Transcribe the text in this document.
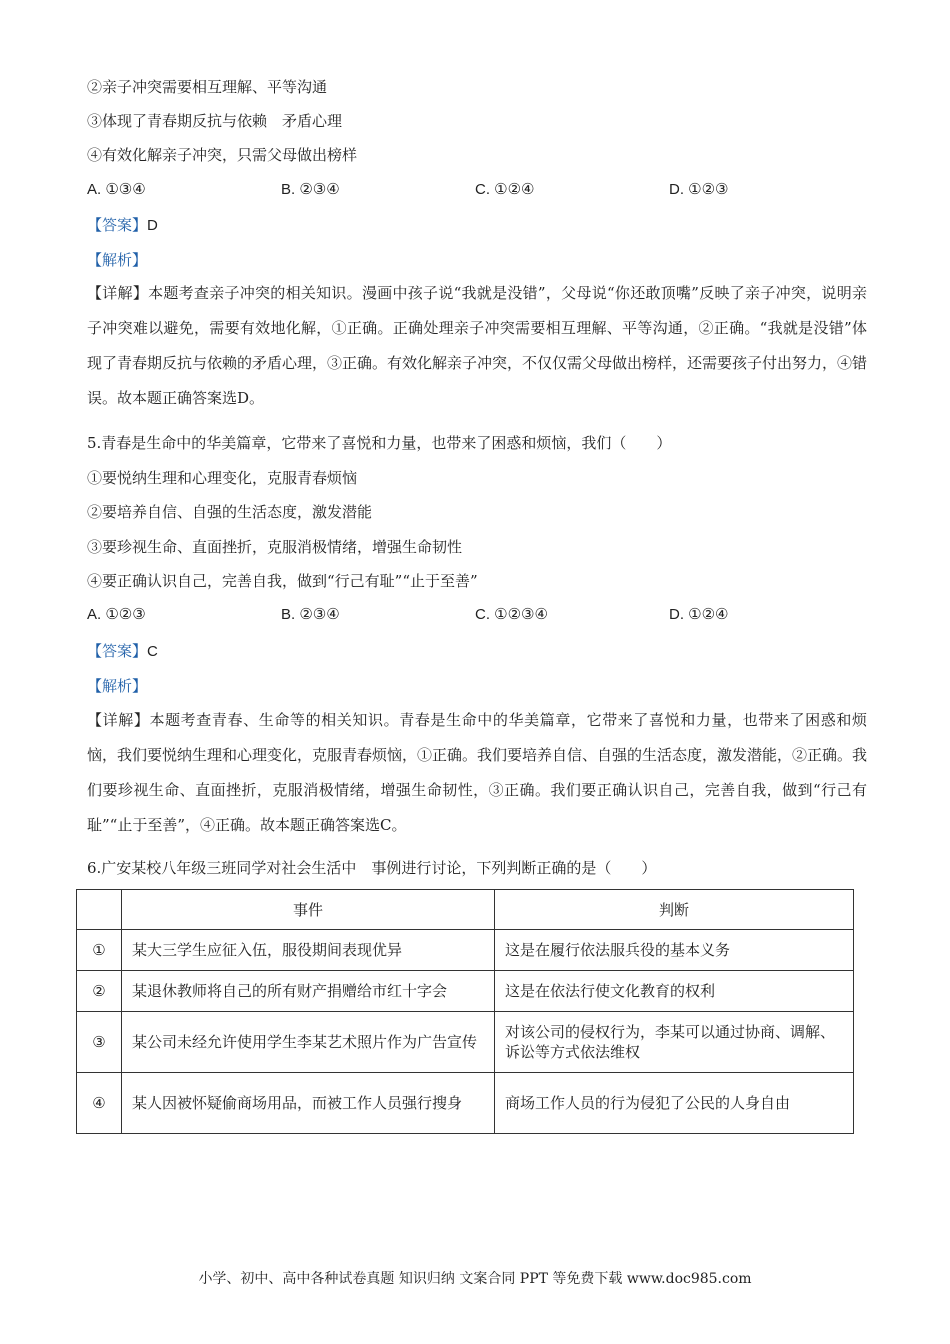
②亲子冲突需要相互理解、平等沟通
③体现了青春期反抗与依赖　矛盾心理
④有效化解亲子冲突，只需父母做出榜样
A. ①③④	B. ②③④	C. ①②④	D. ①②③
【答案】D
【解析】
【详解】本题考查亲子冲突的相关知识。漫画中孩子说“我就是没错”，父母说“你还敢顶嘴”反映了亲子冲突，说明亲子冲突难以避免，需要有效地化解，①正确。正确处理亲子冲突需要相互理解、平等沟通，②正确。“我就是没错”体现了青春期反抗与依赖的矛盾心理，③正确。有效化解亲子冲突，不仅仅需父母做出榜样，还需要孩子付出努力，④错误。故本题正确答案选D。
5.青春是生命中的华美篇章，它带来了喜悦和力量，也带来了困惑和烦恼，我们（　　）
①要悦纳生理和心理变化，克服青春烦恼
②要培养自信、自强的生活态度，激发潜能
③要珍视生命、直面挫折，克服消极情绪，增强生命韧性
④要正确认识自己，完善自我，做到“行己有耻”“止于至善”
A. ①②③	B. ②③④	C. ①②③④	D. ①②④
【答案】C
【解析】
【详解】本题考查青春、生命等的相关知识。青春是生命中的华美篇章，它带来了喜悦和力量，也带来了困惑和烦恼，我们要悦纳生理和心理变化，克服青春烦恼，①正确。我们要培养自信、自强的生活态度，激发潜能，②正确。我们要珍视生命、直面挫折，克服消极情绪，增强生命韧性，③正确。我们要正确认识自己，完善自我，做到“行己有耻”“止于至善”，④正确。故本题正确答案选C。
6.广安某校八年级三班同学对社会生活中　事例进行讨论，下列判断正确的是（　　）
	事件	判断
①	某大三学生应征入伍，服役期间表现优异	这是在履行依法服兵役的基本义务
②	某退休教师将自己的所有财产捐赠给市红十字会	这是在依法行使文化教育的权利
③	某公司未经允许使用学生李某艺术照片作为广告宣传	对该公司的侵权行为，李某可以通过协商、调解、诉讼等方式依法维权
④	某人因被怀疑偷商场用品，而被工作人员强行搜身	商场工作人员的行为侵犯了公民的人身自由
小学、初中、高中各种试卷真题 知识归纳 文案合同 PPT 等免费下载 www.doc985.com
